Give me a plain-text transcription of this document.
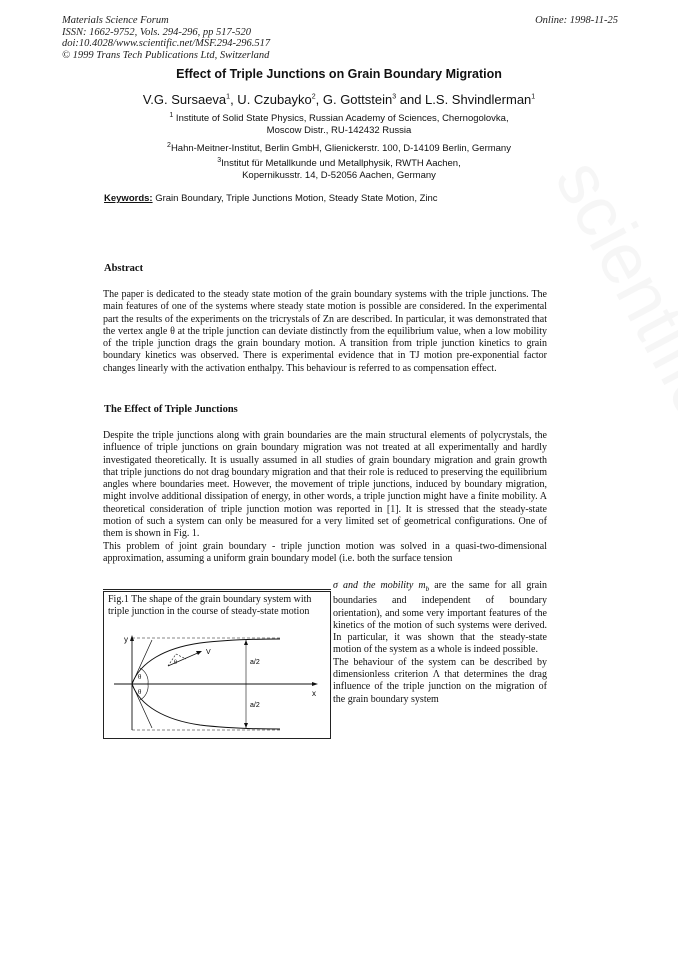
Materials Science Forum
ISSN: 1662-9752, Vols. 294-296, pp 517-520
doi:10.4028/www.scientific.net/MSF.294-296.517
© 1999 Trans Tech Publications Ltd, Switzerland
Online: 1998-11-25
Effect of Triple Junctions on Grain Boundary Migration
V.G. Sursaeva$^1$, U. Czubayko$^2$, G. Gottstein$^3$ and L.S. Shvindlerman$^1$
$^1$ Institute of Solid State Physics, Russian Academy of Sciences, Chernogolovka,
Moscow Distr., RU-142432 Russia
$^2$Hahn-Meitner-Institut, Berlin GmbH, Glienickerstr. 100, D-14109 Berlin, Germany
$^3$Institut für Metallkunde und Metallphysik, RWTH Aachen,
Kopernikusstr. 14, D-52056 Aachen, Germany
Keywords: Grain Boundary, Triple Junctions Motion, Steady State Motion, Zinc
Abstract

The paper is dedicated to the steady state motion of the grain boundary systems with the triple junctions. The main features of one of the systems where steady state motion is possible are considered. In the experimental part the results of the experiments on the tricrystals of Zn are described. In particular, it was demonstrated that the vertex angle θ at the triple junction can deviate distinctly from the equilibrium value, when a low mobility of the triple junction drags the grain boundary motion. A transition from triple junction kinetics to grain boundary kinetics was observed. There is experimental evidence that in TJ motion pre-exponential factor changes linearly with the activation enthalpy. This behaviour is referred to as compensation effect.

The Effect of Triple Junctions

Despite the triple junctions along with grain boundaries are the main structural elements of polycrystals, the influence of triple junctions on grain boundary migration was not treated at all experimentally and hardly investigated theoretically. It is usually assumed in all studies of grain boundary migration and grain growth that triple junctions do not drag boundary migration and that their role is reduced to preserving the equilibrium angles where boundaries meet. However, the movement of triple junctions, induced by boundary migration, might involve additional dissipation of energy, in other words, a triple junction might have a finite mobility. A theoretical consideration of triple junction motion was reported in [1]. It is stressed that the steady-state motion of such a system can only be measured for a very limited set of geometrical configurations. One of them is shown in Fig. 1.

This problem of joint grain boundary - triple junction motion was solved in a quasi-two-dimensional approximation, assuming a uniform grain boundary model (i.e. both the surface tension

Fig.1 The shape of the grain boundary system with triple junction in the course of steady-state motion
y
x
V
a/2
a/2
θ
θ
θ

σ and the mobility $m_b$ are the same for all grain boundaries and independent of boundary orientation), and some very important features of the kinetics of the motion of such systems were derived. In particular, it was shown that the steady-state motion of the system as a whole is indeed possible.

The behaviour of the system can be described by dimensionless criterion Λ that determines the drag influence of the triple junction on the migration of the grain boundary system
